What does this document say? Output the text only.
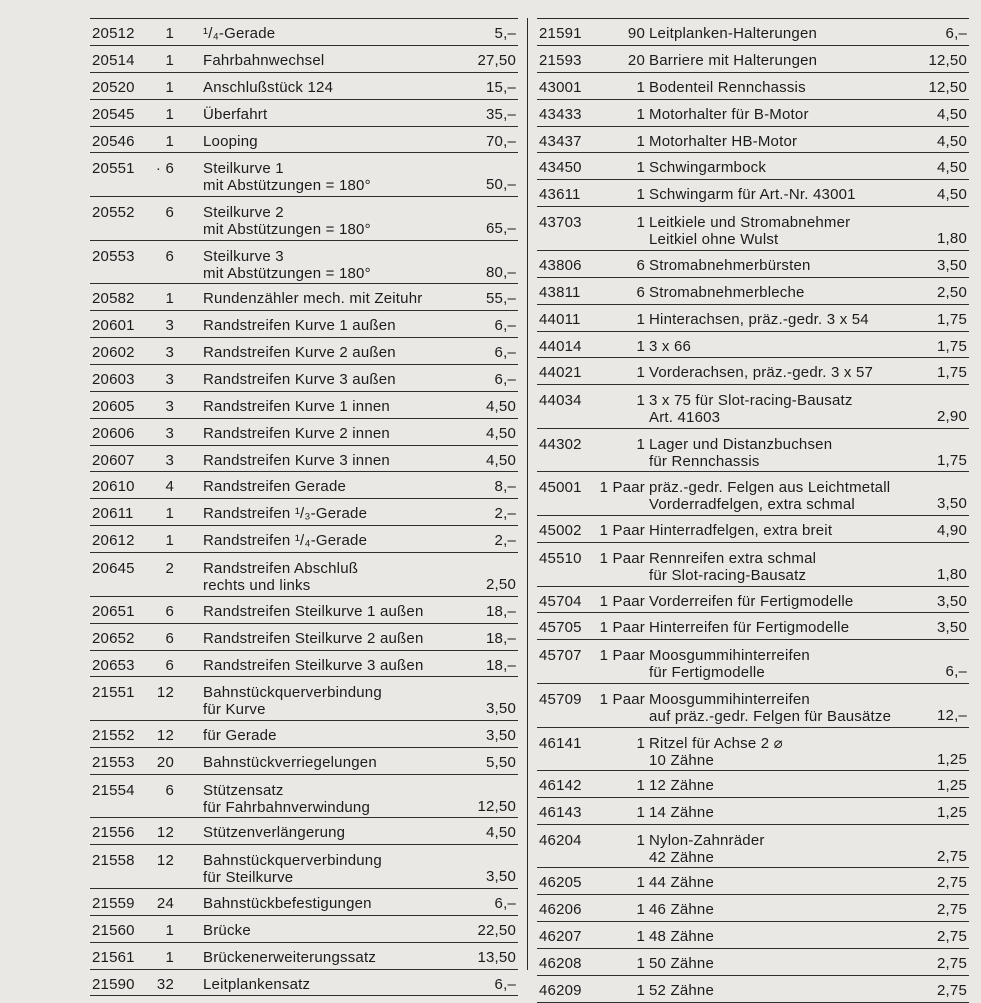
20512	1 ¹/₄-Gerade	5,–
20514	1 Fahrbahnwechsel	27,50
20520	1 Anschlußstück 124	15,–
20545	1 Überfahrt	35,–
20546	1 Looping	70,–
20551	· 6 Steilkurve 1
mit Abstützungen = 180°	50,–
20552	6 Steilkurve 2
mit Abstützungen = 180°	65,–
20553	6 Steilkurve 3
mit Abstützungen = 180°	80,–
20582	1 Rundenzähler mech. mit Zeituhr	55,–
20601	3 Randstreifen Kurve 1 außen	6,–
20602	3 Randstreifen Kurve 2 außen	6,–
20603	3 Randstreifen Kurve 3 außen	6,–
20605	3 Randstreifen Kurve 1 innen	4,50
20606	3 Randstreifen Kurve 2 innen	4,50
20607	3 Randstreifen Kurve 3 innen	4,50
20610	4 Randstreifen Gerade	8,–
20611	1 Randstreifen ¹/₃-Gerade	2,–
20612	1 Randstreifen ¹/₄-Gerade	2,–
20645	2 Randstreifen Abschluß
rechts und links	2,50
20651	6 Randstreifen Steilkurve 1 außen	18,–
20652	6 Randstreifen Steilkurve 2 außen	18,–
20653	6 Randstreifen Steilkurve 3 außen	18,–
21551	12 Bahnstückquerverbindung
für Kurve	3,50
21552	12 für Gerade	3,50
21553	20 Bahnstückverriegelungen	5,50
21554	6 Stützensatz
für Fahrbahnverwindung	12,50
21556	12 Stützenverlängerung	4,50
21558	12 Bahnstückquerverbindung
für Steilkurve	3,50
21559	24 Bahnstückbefestigungen	6,–
21560	1 Brücke	22,50
21561	1 Brückenerweiterungssatz	13,50
21590	32 Leitplankensatz	6,–
21591	90 Leitplanken-Halterungen	6,–
21593	20 Barriere mit Halterungen	12,50
43001	1 Bodenteil Rennchassis	12,50
43433	1 Motorhalter für B-Motor	4,50
43437	1 Motorhalter HB-Motor	4,50
43450	1 Schwingarmbock	4,50
43611	1 Schwingarm für Art.-Nr. 43001	4,50
43703	1 Leitkiele und Stromabnehmer
Leitkiel ohne Wulst	1,80
43806	6 Stromabnehmerbürsten	3,50
43811	6 Stromabnehmerbleche	2,50
44011	1 Hinterachsen, präz.-gedr. 3 x 54	1,75
44014	1 3 x 66	1,75
44021	1 Vorderachsen, präz.-gedr. 3 x 57	1,75
44034	1 3 x 75 für Slot-racing-Bausatz
Art. 41603	2,90
44302	1 Lager und Distanzbuchsen
für Rennchassis	1,75
45001	1 Paar präz.-gedr. Felgen aus Leichtmetall
Vorderradfelgen, extra schmal	3,50
45002	1 Paar Hinterradfelgen, extra breit	4,90
45510	1 Paar Rennreifen extra schmal
für Slot-racing-Bausatz	1,80
45704	1 Paar Vorderreifen für Fertigmodelle	3,50
45705	1 Paar Hinterreifen für Fertigmodelle	3,50
45707	1 Paar Moosgummihinterreifen
für Fertigmodelle	6,–
45709	1 Paar Moosgummihinterreifen
auf präz.-gedr. Felgen für Bausätze	12,–
46141	1 Ritzel für Achse 2 ⌀
10 Zähne	1,25
46142	1 12 Zähne	1,25
46143	1 14 Zähne	1,25
46204	1 Nylon-Zahnräder
42 Zähne	2,75
46205	1 44 Zähne	2,75
46206	1 46 Zähne	2,75
46207	1 48 Zähne	2,75
46208	1 50 Zähne	2,75
46209	1 52 Zähne	2,75
